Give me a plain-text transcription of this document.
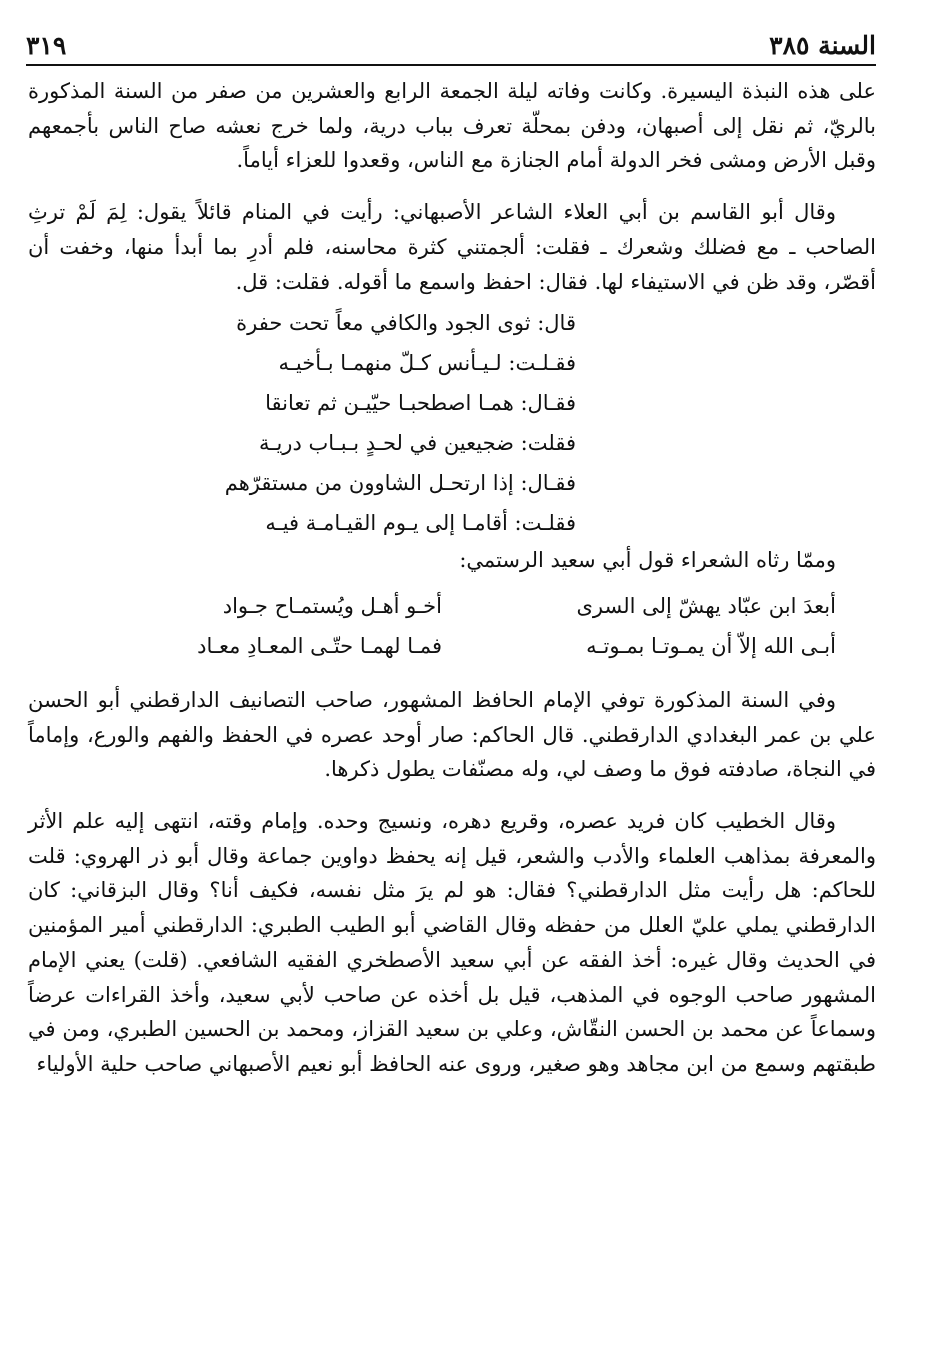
السنة ٣٨٥
٣١٩

على هذه النبذة اليسيرة. وكانت وفاته ليلة الجمعة الرابع والعشرين من صفر من السنة المذكورة بالريّ، ثم نقل إلى أصبهان، ودفن بمحلّة تعرف بباب درية، ولما خرج نعشه صاح الناس بأجمعهم وقبل الأرض ومشى فخر الدولة أمام الجنازة مع الناس، وقعدوا للعزاء أياماً.

وقال أبو القاسم بن أبي العلاء الشاعر الأصبهاني: رأيت في المنام قائلاً يقول: لِمَ لَمْ ترثِ الصاحب ـ مع فضلك وشعرك ـ فقلت: ألجمتني كثرة محاسنه، فلم أدرِ بما أبدأ منها، وخفت أن أقصّر، وقد ظن في الاستيفاء لها. فقال: احفظ واسمع ما أقوله. فقلت: قل.

قال: ثوى الجود والكافي معاً تحت حفرة
فقـلـت: لـيـأنس كـلّ منهمـا بـأخيـه
فقـال: همـا اصطحبـا حيّيـن ثم تعانقا
فقلت: ضجيعين في لحـدٍ بـبـاب دريـة
فقـال: إذا ارتحـل الشاوون من مستقرّهم
فقلـت: أقامـا إلى يـوم القيـامـة فيـه

وممّا رثاه الشعراء قول أبي سعيد الرستمي:

أبعدَ ابن عبّاد يهشّ إلى السرى
أخـو أهـل ويُستمـاح جـواد
أبـى الله إلاّ أن يمـوتـا بمـوتـه
فمـا لهمـا حتّـى المعـادِ معـاد

وفي السنة المذكورة توفي الإمام الحافظ المشهور، صاحب التصانيف الدارقطني أبو الحسن علي بن عمر البغدادي الدارقطني. قال الحاكم: صار أوحد عصره في الحفظ والفهم والورع، وإماماً في النجاة، صادفته فوق ما وصف لي، وله مصنّفات يطول ذكرها.

وقال الخطيب كان فريد عصره، وقريع دهره، ونسيج وحده. وإمام وقته، انتهى إليه علم الأثر والمعرفة بمذاهب العلماء والأدب والشعر، قيل إنه يحفظ دواوين جماعة وقال أبو ذر الهروي: قلت للحاكم: هل رأيت مثل الدارقطني؟ فقال: هو لم يرَ مثل نفسه، فكيف أنا؟ وقال البزقاني: كان الدارقطني يملي عليّ العلل من حفظه وقال القاضي أبو الطيب الطبري: الدارقطني أمير المؤمنين في الحديث وقال غيره: أخذ الفقه عن أبي سعيد الأصطخري الفقيه الشافعي. (قلت) يعني الإمام المشهور صاحب الوجوه في المذهب، قيل بل أخذه عن صاحب لأبي سعيد، وأخذ القراءات عرضاً وسماعاً عن محمد بن الحسن النقّاش، وعلي بن سعيد القزاز، ومحمد بن الحسين الطبري، ومن في طبقتهم وسمع من ابن مجاهد وهو صغير، وروى عنه الحافظ أبو نعيم الأصبهاني صاحب حلية الأولياء
